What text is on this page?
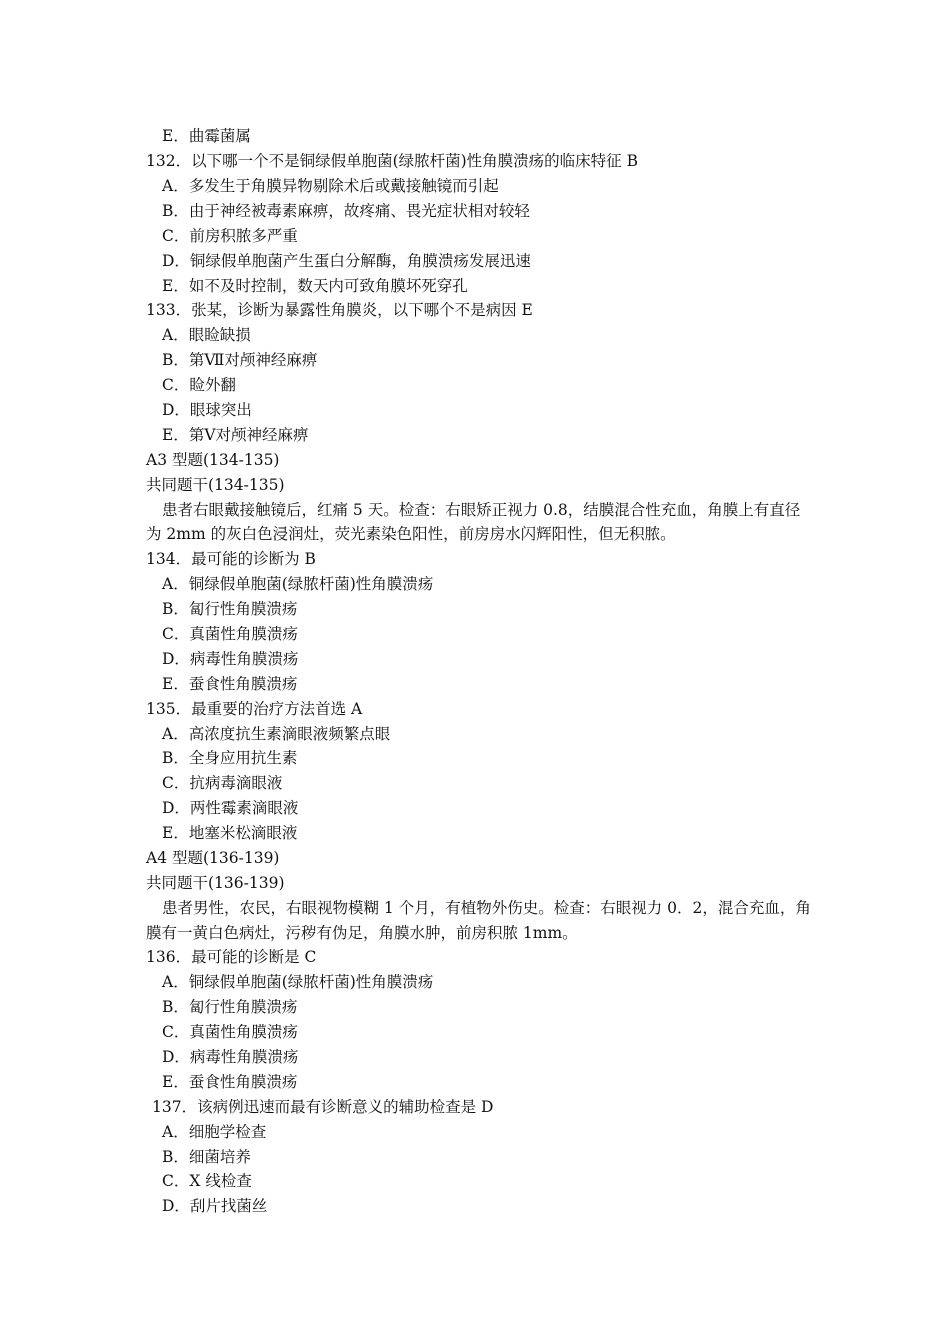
E．曲霉菌属

132．以下哪一个不是铜绿假单胞菌(绿脓杆菌)性角膜溃疡的临床特征 B

A．多发生于角膜异物剔除术后或戴接触镜而引起

B．由于神经被毒素麻痹，故疼痛、畏光症状相对较轻

C．前房积脓多严重

D．铜绿假单胞菌产生蛋白分解酶，角膜溃疡发展迅速

E．如不及时控制，数天内可致角膜坏死穿孔

133．张某，诊断为暴露性角膜炎，以下哪个不是病因 E

A．眼睑缺损

B．第Ⅶ对颅神经麻痹

C．睑外翻

D．眼球突出

E．第Ⅴ对颅神经麻痹

A3 型题(134-135)

共同题干(134-135)

患者右眼戴接触镜后，红痛 5 天。检查：右眼矫正视力 0.8，结膜混合性充血，角膜上有直径

为 2mm 的灰白色浸润灶，荧光素染色阳性，前房房水闪辉阳性，但无积脓。

134．最可能的诊断为 B

A．铜绿假单胞菌(绿脓杆菌)性角膜溃疡

B．匐行性角膜溃疡

C．真菌性角膜溃疡

D．病毒性角膜溃疡

E．蚕食性角膜溃疡

135．最重要的治疗方法首选 A

A．高浓度抗生素滴眼液频繁点眼

B．全身应用抗生素

C．抗病毒滴眼液

D．两性霉素滴眼液

E．地塞米松滴眼液

A4 型题(136-139)

共同题干(136-139)

患者男性，农民，右眼视物模糊 1 个月，有植物外伤史。检查：右眼视力 0．2，混合充血，角

膜有一黄白色病灶，污秽有伪足，角膜水肿，前房积脓 1mm。

136．最可能的诊断是 C

A．铜绿假单胞菌(绿脓杆菌)性角膜溃疡

B．匐行性角膜溃疡

C．真菌性角膜溃疡

D．病毒性角膜溃疡

E．蚕食性角膜溃疡

137．该病例迅速而最有诊断意义的辅助检查是 D

A．细胞学检查

B．细菌培养

C．X 线检查

D．刮片找菌丝
